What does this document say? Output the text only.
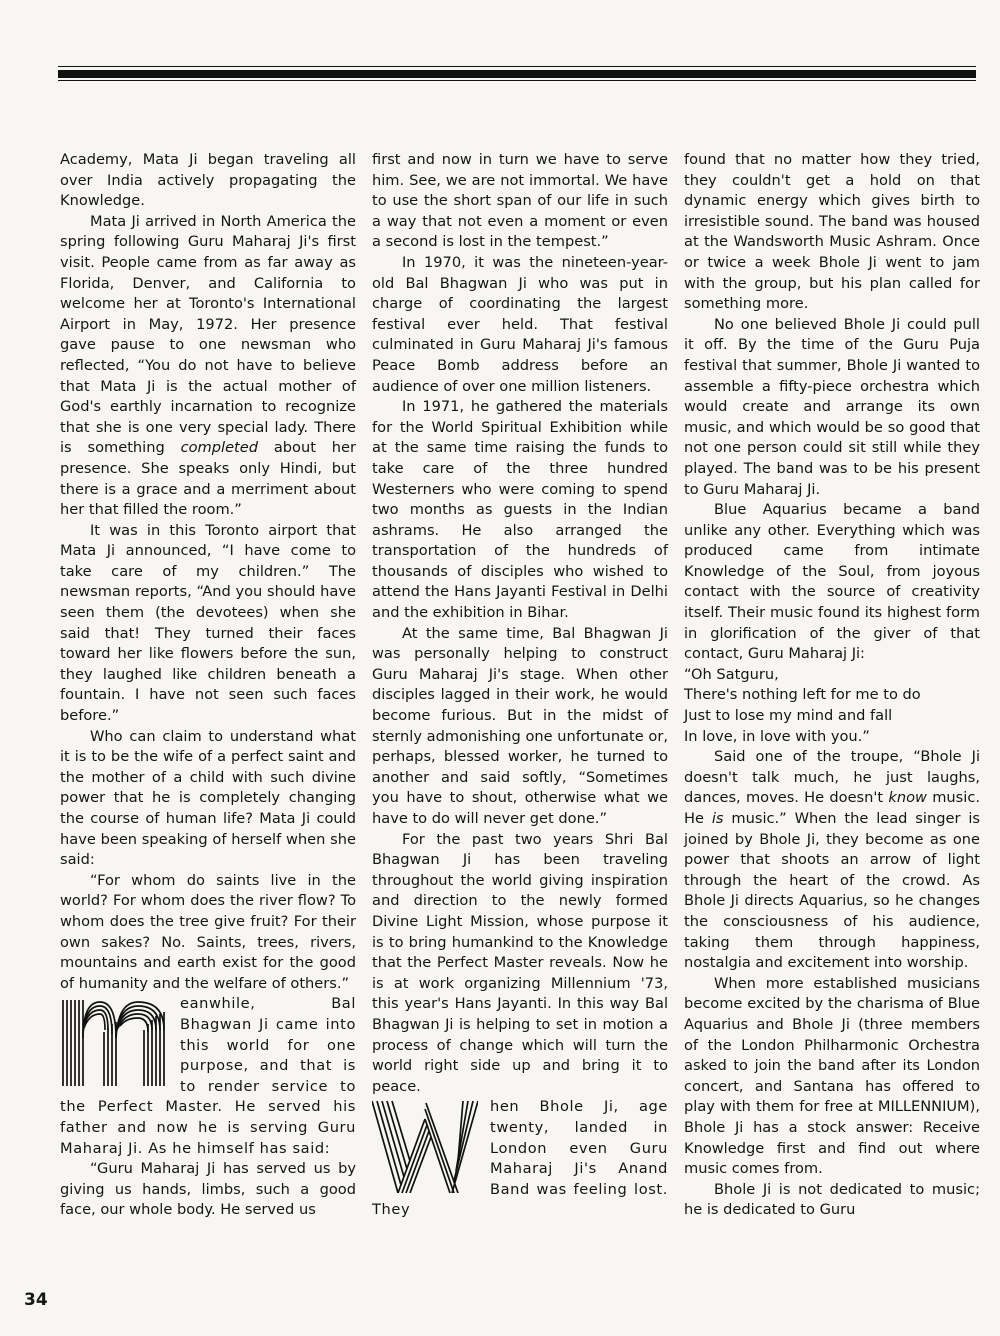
Academy, Mata Ji began traveling all over India actively propagating the Knowledge.

Mata Ji arrived in North America the spring following Guru Maharaj Ji's first visit. People came from as far away as Florida, Denver, and California to welcome her at Toronto's International Airport in May, 1972. Her presence gave pause to one newsman who reflected, “You do not have to believe that Mata Ji is the actual mother of God's earthly incarnation to recognize that she is one very special lady. There is something completed about her presence. She speaks only Hindi, but there is a grace and a merriment about her that filled the room.”

It was in this Toronto airport that Mata Ji announced, “I have come to take care of my children.” The newsman reports, “And you should have seen them (the devotees) when she said that! They turned their faces toward her like flowers before the sun, they laughed like children beneath a fountain. I have not seen such faces before.”

Who can claim to understand what it is to be the wife of a perfect saint and the mother of a child with such divine power that he is completely changing the course of human life? Mata Ji could have been speaking of herself when she said:

“For whom do saints live in the world? For whom does the river flow? To whom does the tree give fruit? For their own sakes? No. Saints, trees, rivers, mountains and earth exist for the good of humanity and the welfare of others.”

eanwhile, Bal Bhagwan Ji came into this world for one purpose, and that is to render service to the Perfect Master. He served his father and now he is serving Guru Maharaj Ji. As he himself has said:

“Guru Maharaj Ji has served us by giving us hands, limbs, such a good face, our whole body. He served us

first and now in turn we have to serve him. See, we are not immortal. We have to use the short span of our life in such a way that not even a moment or even a second is lost in the tempest.”

In 1970, it was the nineteen-year-old Bal Bhagwan Ji who was put in charge of coordinating the largest festival ever held. That festival culminated in Guru Maharaj Ji's famous Peace Bomb address before an audience of over one million listeners.

In 1971, he gathered the materials for the World Spiritual Exhibition while at the same time raising the funds to take care of the three hundred Westerners who were coming to spend two months as guests in the Indian ashrams. He also arranged the transportation of the hundreds of thousands of disciples who wished to attend the Hans Jayanti Festival in Delhi and the exhibition in Bihar.

At the same time, Bal Bhagwan Ji was personally helping to construct Guru Maharaj Ji's stage. When other disciples lagged in their work, he would become furious. But in the midst of sternly admonishing one unfortunate or, perhaps, blessed worker, he turned to another and said softly, “Sometimes you have to shout, otherwise what we have to do will never get done.”

For the past two years Shri Bal Bhagwan Ji has been traveling throughout the world giving inspiration and direction to the newly formed Divine Light Mission, whose purpose it is to bring humankind to the Knowledge that the Perfect Master reveals. Now he is at work organizing Millennium '73, this year's Hans Jayanti. In this way Bal Bhagwan Ji is helping to set in motion a process of change which will turn the world right side up and bring it to peace.

hen Bhole Ji, age twenty, landed in London even Guru Maharaj Ji's Anand Band was feeling lost. They

found that no matter how they tried, they couldn't get a hold on that dynamic energy which gives birth to irresistible sound. The band was housed at the Wandsworth Music Ashram. Once or twice a week Bhole Ji went to jam with the group, but his plan called for something more.

No one believed Bhole Ji could pull it off. By the time of the Guru Puja festival that summer, Bhole Ji wanted to assemble a fifty-piece orchestra which would create and arrange its own music, and which would be so good that not one person could sit still while they played. The band was to be his present to Guru Maharaj Ji.

Blue Aquarius became a band unlike any other. Everything which was produced came from intimate Knowledge of the Soul, from joyous contact with the source of creativity itself. Their music found its highest form in glorification of the giver of that contact, Guru Maharaj Ji:

“Oh Satguru,

There's nothing left for me to do

Just to lose my mind and fall

In love, in love with you.”

Said one of the troupe, “Bhole Ji doesn't talk much, he just laughs, dances, moves. He doesn't know music. He is music.” When the lead singer is joined by Bhole Ji, they become as one power that shoots an arrow of light through the heart of the crowd. As Bhole Ji directs Aquarius, so he changes the consciousness of his audience, taking them through happiness, nostalgia and excitement into worship.

When more established musicians become excited by the charisma of Blue Aquarius and Bhole Ji (three members of the London Philharmonic Orchestra asked to join the band after its London concert, and Santana has offered to play with them for free at MILLENNIUM), Bhole Ji has a stock answer: Receive Knowledge first and find out where music comes from.

Bhole Ji is not dedicated to music; he is dedicated to Guru

34
